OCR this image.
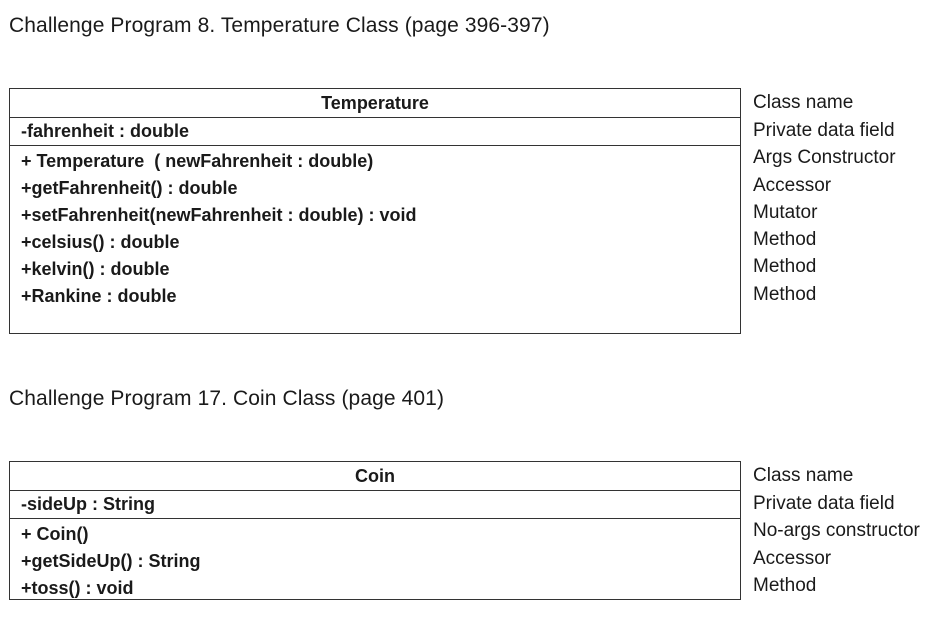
Challenge Program 8. Temperature Class (page 396-397)
Temperature
-fahrenheit : double
+ Temperature  ( newFahrenheit : double)
+getFahrenheit() : double
+setFahrenheit(newFahrenheit : double) : void
+celsius() : double
+kelvin() : double
+Rankine : double
Class name
Private data field
Args Constructor
Accessor
Mutator
Method
Method
Method
Challenge Program 17. Coin Class (page 401)
Coin
-sideUp : String
+ Coin()
+getSideUp() : String
+toss() : void
Class name
Private data field
No-args constructor
Accessor
Method
